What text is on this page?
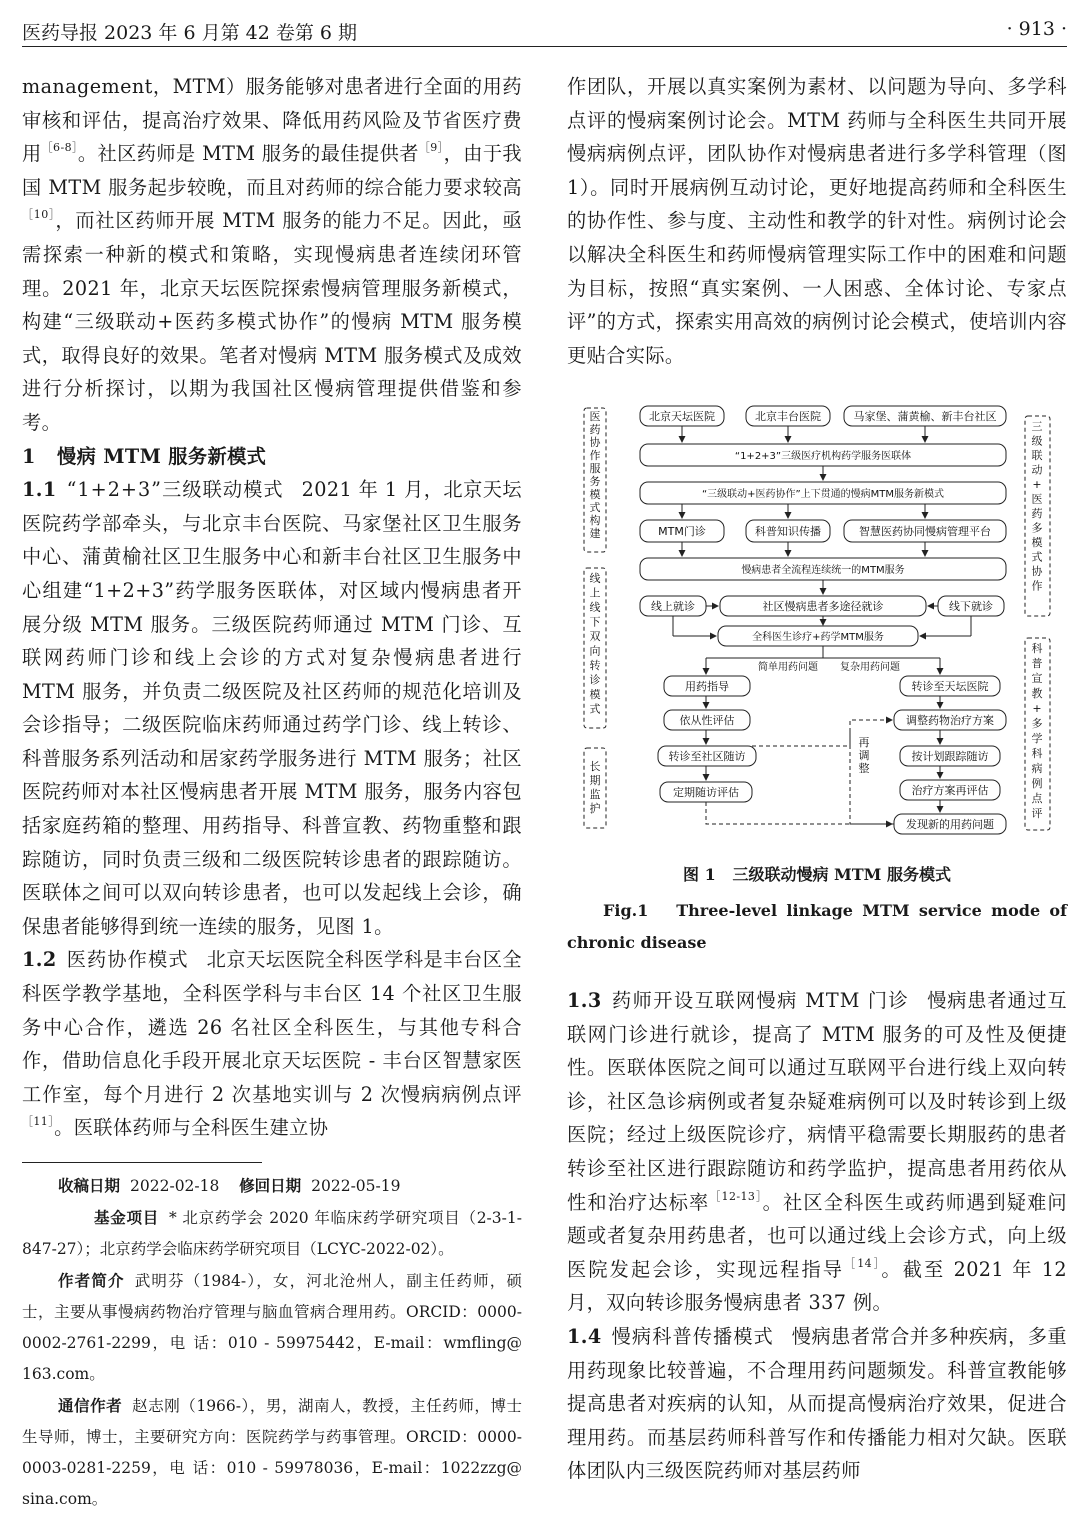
医药导报 2023 年 6 月第 42 卷第 6 期	· 913 ·

management，MTM）服务能够对患者进行全面的用药审核和评估，提高治疗效果、降低用药风险及节省医疗费用$^{[6-8]}$。社区药师是 MTM 服务的最佳提供者$^{[9]}$，由于我国 MTM 服务起步较晚，而且对药师的综合能力要求较高$^{[10]}$，而社区药师开展 MTM 服务的能力不足。因此，亟需探索一种新的模式和策略，实现慢病患者连续闭环管理。2021 年，北京天坛医院探索慢病管理服务新模式，构建“三级联动+医药多模式协作”的慢病 MTM 服务模式，取得良好的效果。笔者对慢病 MTM 服务模式及成效进行分析探讨，以期为我国社区慢病管理提供借鉴和参考。

1 慢病 MTM 服务新模式

1.1 “1+2+3”三级联动模式 2021 年 1 月，北京天坛医院药学部牵头，与北京丰台医院、马家堡社区卫生服务中心、蒲黄榆社区卫生服务中心和新丰台社区卫生服务中心组建“1+2+3”药学服务医联体，对区域内慢病患者开展分级 MTM 服务。三级医院药师通过 MTM 门诊、互联网药师门诊和线上会诊的方式对复杂慢病患者进行 MTM 服务，并负责二级医院及社区药师的规范化培训及会诊指导；二级医院临床药师通过药学门诊、线上转诊、科普服务系列活动和居家药学服务进行 MTM 服务；社区医院药师对本社区慢病患者开展 MTM 服务，服务内容包括家庭药箱的整理、用药指导、科普宣教、药物重整和跟踪随访，同时负责三级和二级医院转诊患者的跟踪随访。医联体之间可以双向转诊患者，也可以发起线上会诊，确保患者能够得到统一连续的服务，见图 1。

1.2 医药协作模式 北京天坛医院全科医学科是丰台区全科医学教学基地，全科医学科与丰台区 14 个社区卫生服务中心合作，遴选 26 名社区全科医生，与其他专科合作，借助信息化手段开展北京天坛医院 - 丰台区智慧家医工作室，每个月进行 2 次基地实训与 2 次慢病病例点评$^{[11]}$。医联体药师与全科医生建立协

收稿日期 2022-02-18 修回日期 2022-05-19

基金项目 * 北京药学会 2020 年临床药学研究项目（2-3-1-847-27）；北京药学会临床药学研究项目（LCYC-2022-02）。

作者简介 武明芬（1984-），女，河北沧州人，副主任药师，硕士，主要从事慢病药物治疗管理与脑血管病合理用药。ORCID：0000-0002-2761-2299，电 话：010 - 59975442，E-mail：wmfling@ 163.com。

通信作者 赵志刚（1966-），男，湖南人，教授，主任药师，博士生导师，博士，主要研究方向：医院药学与药事管理。ORCID：0000-0003-0281-2259，电 话：010 - 59978036，E-mail：1022zzg@ sina.com。

作团队，开展以真实案例为素材、以问题为导向、多学科点评的慢病案例讨论会。MTM 药师与全科医生共同开展慢病病例点评，团队协作对慢病患者进行多学科管理（图 1）。同时开展病例互动讨论，更好地提高药师和全科医生的协作性、参与度、主动性和教学的针对性。病例讨论会以解决全科医生和药师慢病管理实际工作中的困难和问题为目标，按照“真实案例、一人困惑、全体讨论、专家点评”的方式，探索实用高效的病例讨论会模式，使培训内容更贴合实际。

北京天坛医院	北京丰台医院	马家堡、蒲黄榆、新丰台社区
“1+2+3”三级医疗机构药学服务医联体
“三级联动+医药协作”上下贯通的慢病MTM服务新模式
MTM门诊	科普知识传播	智慧医药协同慢病管理平台
慢病患者全流程连续统一的MTM服务
线上就诊	社区慢病患者多途径就诊	线下就诊
全科医生诊疗+药学MTM服务
简单用药问题 复杂用药问题
用药指导
依从性评估
转诊至社区随访
定期随访评估
转诊至天坛医院
调整药物治疗方案
按计划跟踪随访
治疗方案再评估
发现新的用药问题
医药协作服务模式构建
线上线下双向转诊模式
长期监护
三级联动+医药多模式协作
科普宣教+多学科病例点评
再调整
图 1 三级联动慢病 MTM 服务模式
Fig.1 Three-level linkage MTM service mode of chronic disease

1.3 药师开设互联网慢病 MTM 门诊 慢病患者通过互联网门诊进行就诊，提高了 MTM 服务的可及性及便捷性。医联体医院之间可以通过互联网平台进行线上双向转诊，社区急诊病例或者复杂疑难病例可以及时转诊到上级医院；经过上级医院诊疗，病情平稳需要长期服药的患者转诊至社区进行跟踪随访和药学监护，提高患者用药依从性和治疗达标率$^{[12-13]}$。社区全科医生或药师遇到疑难问题或者复杂用药患者，也可以通过线上会诊方式，向上级医院发起会诊，实现远程指导$^{[14]}$。截至 2021 年 12 月，双向转诊服务慢病患者 337 例。

1.4 慢病科普传播模式 慢病患者常合并多种疾病，多重用药现象比较普遍，不合理用药问题频发。科普宣教能够提高患者对疾病的认知，从而提高慢病治疗效果，促进合理用药。而基层药师科普写作和传播能力相对欠缺。医联体团队内三级医院药师对基层药师
